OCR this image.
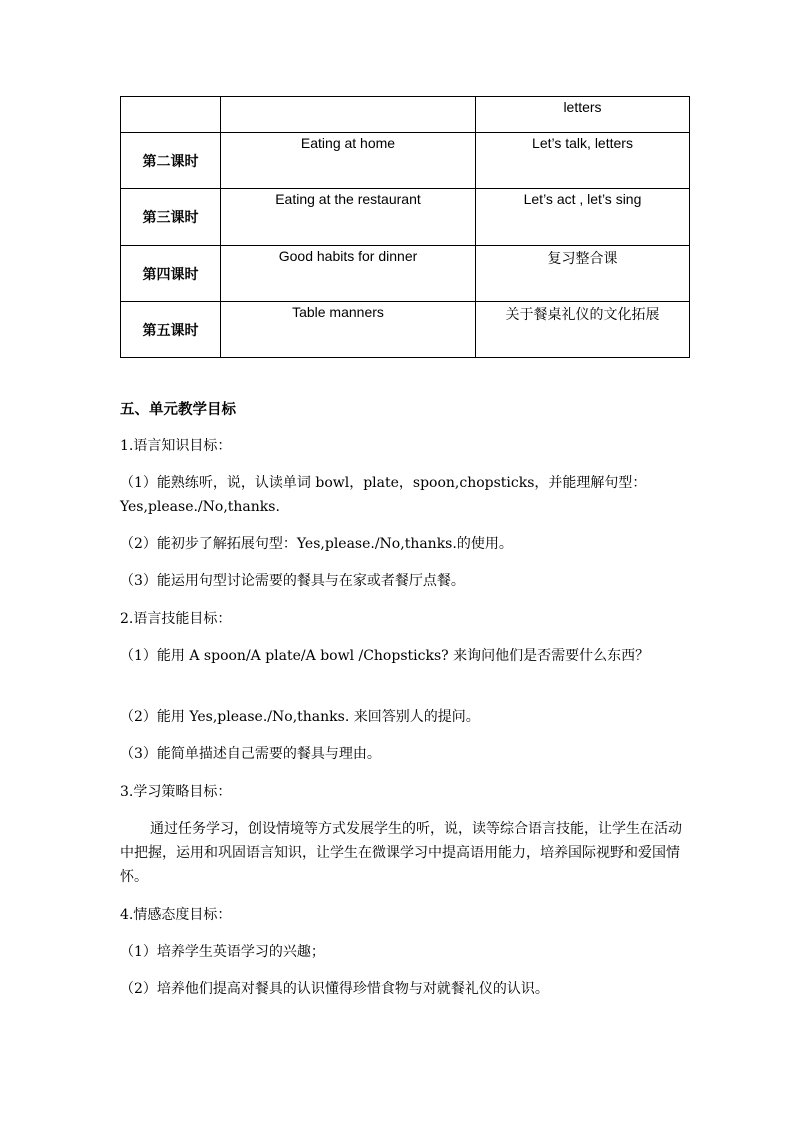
		letters
第二课时	Eating at home	Let’s talk, letters
第三课时	Eating at the restaurant	Let’s act , let’s sing
第四课时	Good habits for dinner	复习整合课
第五课时	Table manners	关于餐桌礼仪的文化拓展
五、单元教学目标
1.语言知识目标：
（1）能熟练听，说，认读单词 bowl，plate，spoon,chopsticks，并能理解句型： Yes,please./No,thanks.
（2）能初步了解拓展句型：Yes,please./No,thanks.的使用。
（3）能运用句型讨论需要的餐具与在家或者餐厅点餐。
2.语言技能目标：
（1）能用 A spoon/A plate/A bowl /Chopsticks? 来询问他们是否需要什么东西？
（2）能用 Yes,please./No,thanks. 来回答别人的提问。
（3）能简单描述自己需要的餐具与理由。
3.学习策略目标：
通过任务学习，创设情境等方式发展学生的听，说，读等综合语言技能，让学生在活动中把握，运用和巩固语言知识，让学生在微课学习中提高语用能力，培养国际视野和爱国情怀。
4.情感态度目标：
（1）培养学生英语学习的兴趣；
（2）培养他们提高对餐具的认识懂得珍惜食物与对就餐礼仪的认识。
